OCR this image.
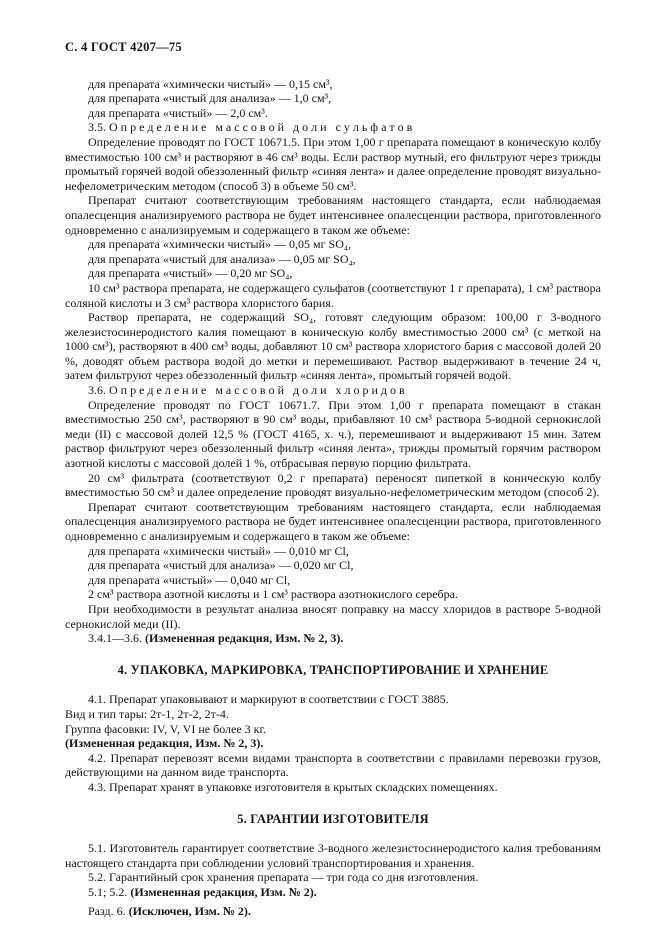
С. 4 ГОСТ 4207—75

для препарата «химически чистый» — 0,15 см³,

для препарата «чистый для анализа» — 1,0 см³,

для препарата «чистый» — 2,0 см³.

3.5. О п р е д е л е н и е   м а с с о в о й   д о л и   с у л ь ф а т о в

Определение проводят по ГОСТ 10671.5. При этом 1,00 г препарата помещают в коническую колбу вместимостью 100 см³ и растворяют в 46 см³ воды. Если раствор мутный, его фильтруют через трижды промытый горячей водой обеззоленный фильтр «синяя лента» и далее определение проводят визуально-нефелометрическим методом (способ 3) в объеме 50 см³.

Препарат считают соответствующим требованиям настоящего стандарта, если наблюдаемая опалесценция анализируемого раствора не будет интенсивнее опалесценции раствора, приготовленного одновременно с анализируемым и содержащего в таком же объеме:

для препарата «химически чистый» — 0,05 мг SO₄,

для препарата «чистый для анализа» — 0,05 мг SO₄,

для препарата «чистый» — 0,20 мг SO₄,

10 см³ раствора препарата, не содержащего сульфатов (соответствуют 1 г препарата), 1 см³ раствора соляной кислоты и 3 см³ раствора хлористого бария.

Раствор препарата, не содержащий SO₄, готовят следующим образом: 100,00 г 3-водного железистосинеродистого калия помещают в коническую колбу вместимостью 2000 см³ (с меткой на 1000 см³), растворяют в 400 см³ воды, добавляют 10 см³ раствора хлористого бария с массовой долей 20 %, доводят объем раствора водой до метки и перемешивают. Раствор выдерживают в течение 24 ч, затем фильтруют через обеззоленный фильтр «синяя лента», промытый горячей водой.

3.6. О п р е д е л е н и е   м а с с о в о й   д о л и   х л о р и д о в

Определение проводят по ГОСТ 10671.7. При этом 1,00 г препарата помещают в стакан вместимостью 250 см³, растворяют в 90 см³ воды, прибавляют 10 см³ раствора 5-водной сернокислой меди (II) с массовой долей 12,5 % (ГОСТ 4165, х. ч.), перемешивают и выдерживают 15 мин. Затем раствор фильтруют через обеззоленный фильтр «синяя лента», трижды промытый горячим раствором азотной кислоты с массовой долей 1 %, отбрасывая первую порцию фильтрата.

20 см³ фильтрата (соответствуют 0,2 г препарата) переносят пипеткой в коническую колбу вместимостью 50 см³ и далее определение проводят визуально-нефелометрическим методом (способ 2).

Препарат считают соответствующим требованиям настоящего стандарта, если наблюдаемая опалесценция анализируемого раствора не будет интенсивнее опалесценции раствора, приготовленного одновременно с анализируемым и содержащего в таком же объеме:

для препарата «химически чистый» — 0,010 мг Cl,

для препарата «чистый для анализа» — 0,020 мг Cl,

для препарата «чистый» — 0,040 мг Cl,

2 см³ раствора азотной кислоты и 1 см³ раствора азотнокислого серебра.

При необходимости в результат анализа вносят поправку на массу хлоридов в растворе 5-водной сернокислой меди (II).

3.4.1—3.6. (Измененная редакция, Изм. № 2, 3).

4. УПАКОВКА, МАРКИРОВКА, ТРАНСПОРТИРОВАНИЕ И ХРАНЕНИЕ

4.1. Препарат упаковывают и маркируют в соответствии с ГОСТ 3885.

Вид и тип тары: 2т-1, 2т-2, 2т-4.

Группа фасовки: IV, V, VI не более 3 кг.

(Измененная редакция, Изм. № 2, 3).

4.2. Препарат перевозят всеми видами транспорта в соответствии с правилами перевозки грузов, действующими на данном виде транспорта.

4.3. Препарат хранят в упаковке изготовителя в крытых складских помещениях.

5. ГАРАНТИИ ИЗГОТОВИТЕЛЯ

5.1. Изготовитель гарантирует соответствие 3-водного железистосинеродистого калия требованиям настоящего стандарта при соблюдении условий транспортирования и хранения.

5.2. Гарантийный срок хранения препарата — три года со дня изготовления.

5.1; 5.2. (Измененная редакция, Изм. № 2).

Разд. 6. (Исключен, Изм. № 2).
